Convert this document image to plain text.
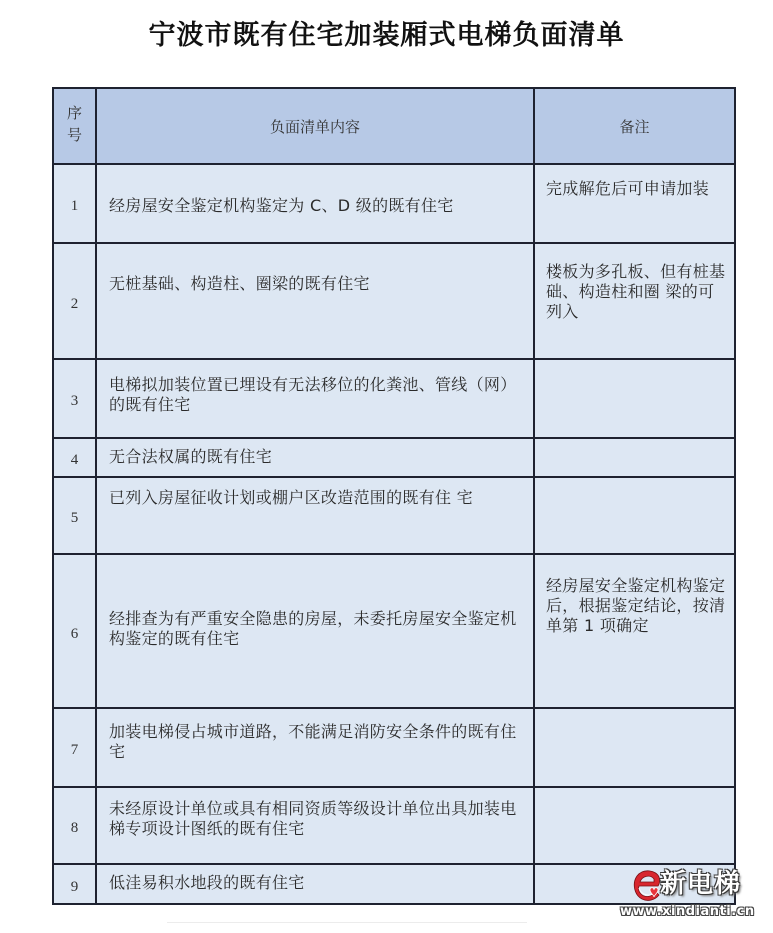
宁波市既有住宅加装厢式电梯负面清单
序号	负面清单内容	备注
1	经房屋安全鉴定机构鉴定为 C、D 级的既有住宅	完成解危后可申请加装

2	无桩基础、构造柱、圈梁的既有住宅	楼板为多孔板、但有桩基础、构造柱和圈 梁的可列入

3	电梯拟加装位置已埋设有无法移位的化粪池、管线（网）的既有住宅	

4	无合法权属的既有住宅	

5	已列入房屋征收计划或棚户区改造范围的既有住 宅	

6	经排查为有严重安全隐患的房屋，未委托房屋安全鉴定机构鉴定的既有住宅	经房屋安全鉴定机构鉴定后，根据鉴定结论，按清单第 1 项确定

7	加装电梯侵占城市道路，不能满足消防安全条件的既有住宅	

8	未经原设计单位或具有相同资质等级设计单位出具加装电梯专项设计图纸的既有住宅	

9	低洼易积水地段的既有住宅	
		新电梯
www.xindianti.cn
